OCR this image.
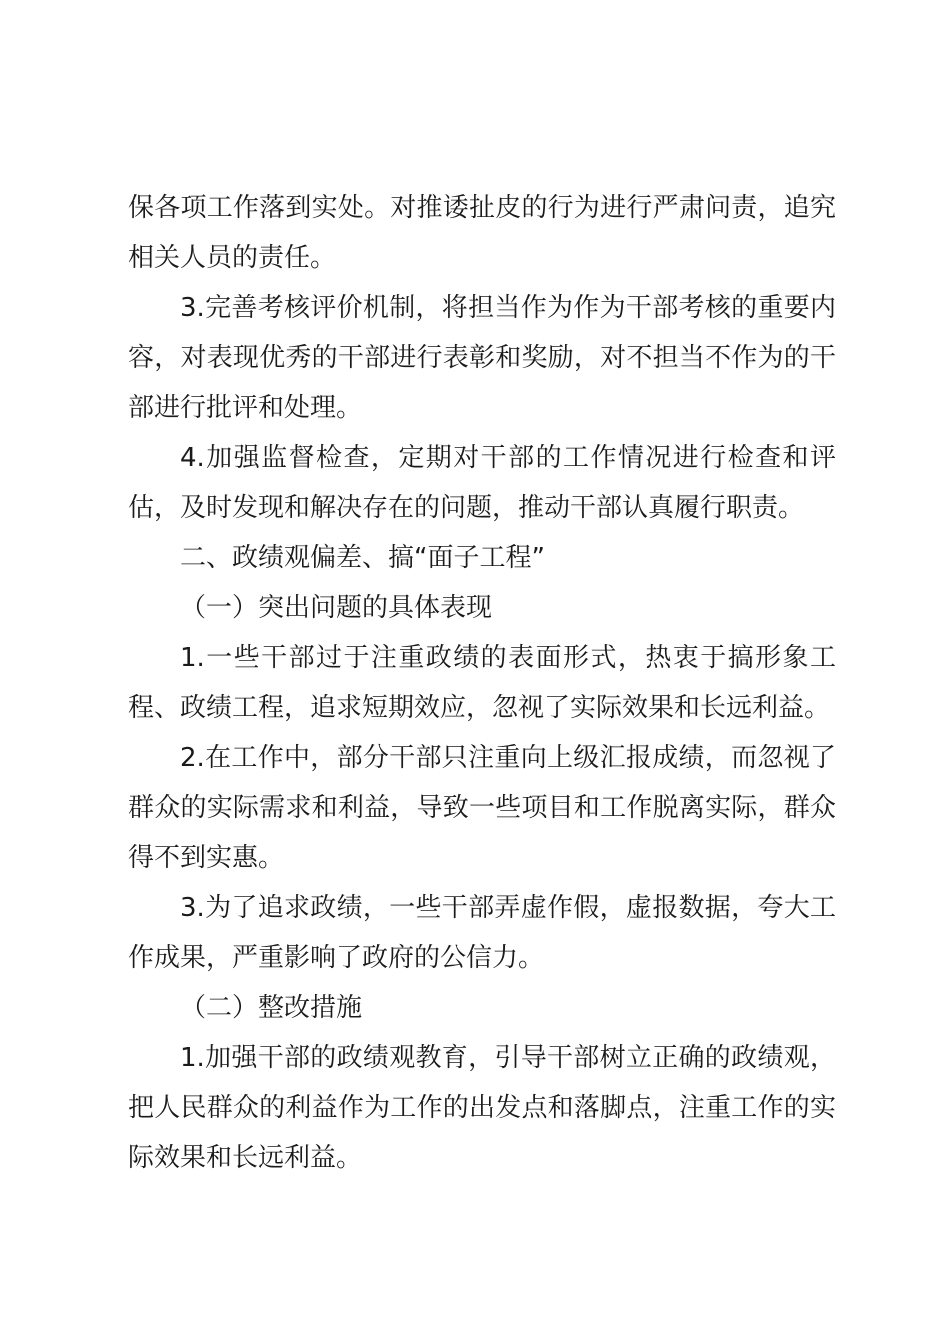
保各项工作落到实处。对推诿扯皮的行为进行严肃问责，追究相关人员的责任。

3.完善考核评价机制，将担当作为作为干部考核的重要内容，对表现优秀的干部进行表彰和奖励，对不担当不作为的干部进行批评和处理。

4.加强监督检查，定期对干部的工作情况进行检查和评估，及时发现和解决存在的问题，推动干部认真履行职责。

二、政绩观偏差、搞“面子工程”

（一）突出问题的具体表现

1.一些干部过于注重政绩的表面形式，热衷于搞形象工程、政绩工程，追求短期效应，忽视了实际效果和长远利益。

2.在工作中，部分干部只注重向上级汇报成绩，而忽视了群众的实际需求和利益，导致一些项目和工作脱离实际，群众得不到实惠。

3.为了追求政绩，一些干部弄虚作假，虚报数据，夸大工作成果，严重影响了政府的公信力。

（二）整改措施

1.加强干部的政绩观教育，引导干部树立正确的政绩观，把人民群众的利益作为工作的出发点和落脚点，注重工作的实际效果和长远利益。
